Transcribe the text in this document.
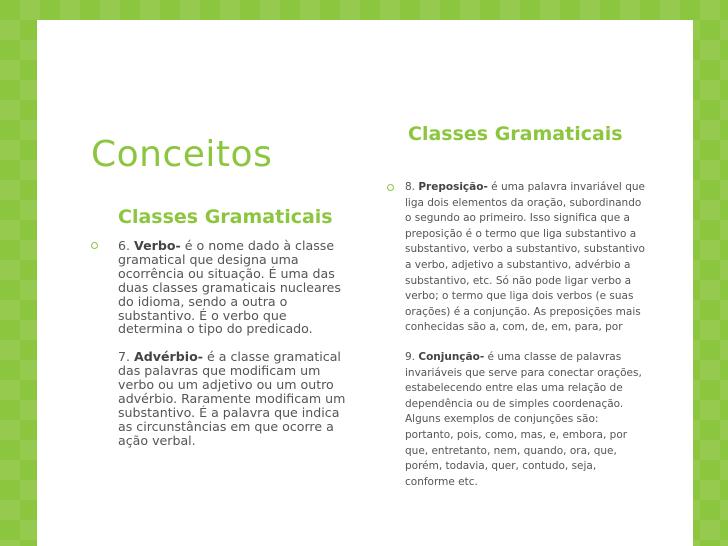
Conceitos
Classes Gramaticais
Classes Gramaticais

6. Verbo- é o nome dado à classe gramatical que designa uma ocorrência ou situação. É uma das duas classes gramaticais nucleares do idioma, sendo a outra o substantivo. É o verbo que determina o tipo do predicado.

7. Advérbio- é a classe gramatical das palavras que modificam um verbo ou um adjetivo ou um outro advérbio. Raramente modificam um substantivo. É a palavra que indica as circunstâncias em que ocorre a ação verbal.

8. Preposição- é uma palavra invariável que liga dois elementos da oração, subordinando o segundo ao primeiro. Isso significa que a preposição é o termo que liga substantivo a substantivo, verbo a substantivo, substantivo a verbo, adjetivo a substantivo, advérbio a substantivo, etc. Só não pode ligar verbo a verbo; o termo que liga dois verbos (e suas orações) é a conjunção. As preposições mais conhecidas são a, com, de, em, para, por

9. Conjunção- é uma classe de palavras invariáveis que serve para conectar orações, estabelecendo entre elas uma relação de dependência ou de simples coordenação.
Alguns exemplos de conjunções são: portanto, pois, como, mas, e, embora, por que, entretanto, nem, quando, ora, que, porém, todavia, quer, contudo, seja, conforme etc.
